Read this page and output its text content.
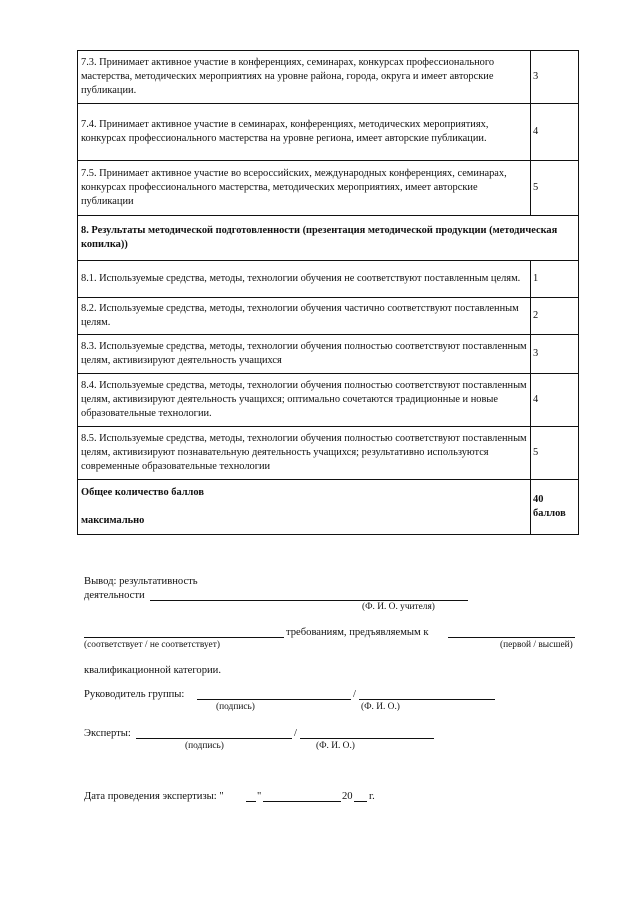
7.3. Принимает активное участие в конференциях, семинарах, конкурсах профессионального мастерства, методических мероприятиях на уровне района, города, округа и имеет авторские публикации.	3
7.4. Принимает активное участие в семинарах, конференциях, методических мероприятиях, конкурсах профессионального мастерства на уровне региона, имеет авторские публикации.	4
7.5. Принимает активное участие во всероссийских, международных конференциях, семинарах, конкурсах профессионального мастерства, методических мероприятиях, имеет авторские публикации	5
8. Результаты методической подготовленности (презентация методической продукции (методическая копилка))	
8.1. Используемые средства, методы, технологии обучения не соответствуют поставленным целям.	1
8.2. Используемые средства, методы, технологии обучения частично соответствуют поставленным целям.	2
8.3. Используемые средства, методы, технологии обучения полностью соответствуют поставленным целям, активизируют деятельность учащихся	3
8.4. Используемые средства, методы, технологии обучения полностью соответствуют поставленным целям, активизируют деятельность учащихся; оптимально сочетаются традиционные и новые образовательные технологии.	4
8.5. Используемые средства, методы, технологии обучения полностью соответствуют поставленным целям, активизируют познавательную деятельность учащихся; результативно используются современные образовательные технологии	5

Общее количество баллов
максимально	40 баллов
Вывод: результативность
деятельности
(Ф. И. О. учителя)
требованиям, предъявляемым к
(соответствует / не соответствует)	(первой / высшей)
квалификационной категории.
Руководитель группы:	/
(подпись)	(Ф. И. О.)
Эксперты:	/
(подпись)	(Ф. И. О.)
Дата проведения экспертизы: "	"	20 г.
